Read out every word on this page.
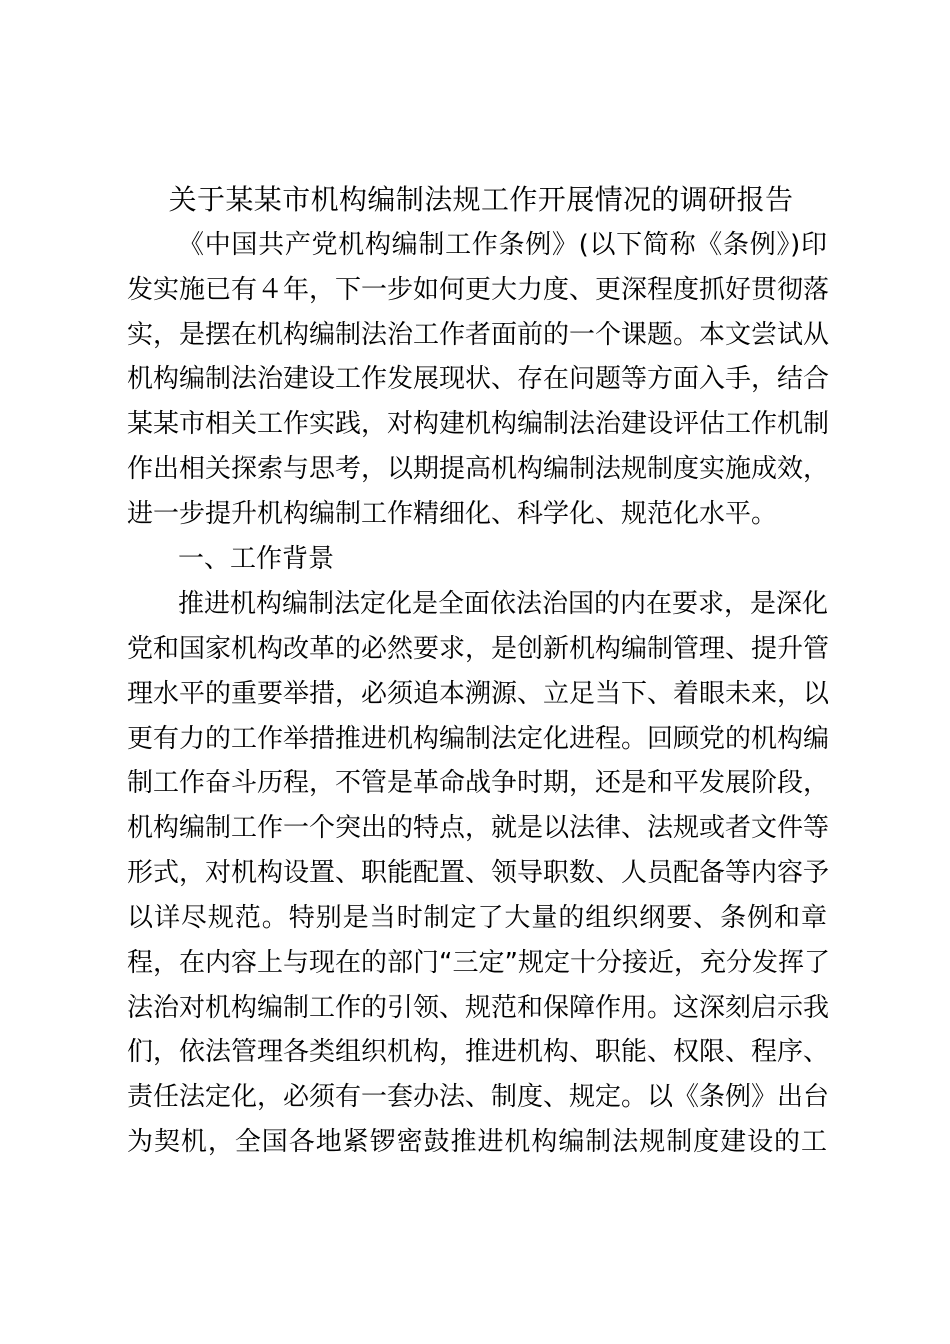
关于某某市机构编制法规工作开展情况的调研报告

《中国共产党机构编制工作条例》(以下简称《条例》)印

发实施已有４年，下一步如何更大力度、更深程度抓好贯彻落

实，是摆在机构编制法治工作者面前的一个课题。本文尝试从

机构编制法治建设工作发展现状、存在问题等方面入手，结合

某某市相关工作实践，对构建机构编制法治建设评估工作机制

作出相关探索与思考，以期提高机构编制法规制度实施成效，

进一步提升机构编制工作精细化、科学化、规范化水平。

一、工作背景

推进机构编制法定化是全面依法治国的内在要求，是深化

党和国家机构改革的必然要求，是创新机构编制管理、提升管

理水平的重要举措，必须追本溯源、立足当下、着眼未来，以

更有力的工作举措推进机构编制法定化进程。回顾党的机构编

制工作奋斗历程，不管是革命战争时期，还是和平发展阶段，

机构编制工作一个突出的特点，就是以法律、法规或者文件等

形式，对机构设置、职能配置、领导职数、人员配备等内容予

以详尽规范。特别是当时制定了大量的组织纲要、条例和章

程，在内容上与现在的部门“三定”规定十分接近，充分发挥了

法治对机构编制工作的引领、规范和保障作用。这深刻启示我

们，依法管理各类组织机构，推进机构、职能、权限、程序、

责任法定化，必须有一套办法、制度、规定。以《条例》出台

为契机，全国各地紧锣密鼓推进机构编制法规制度建设的工
